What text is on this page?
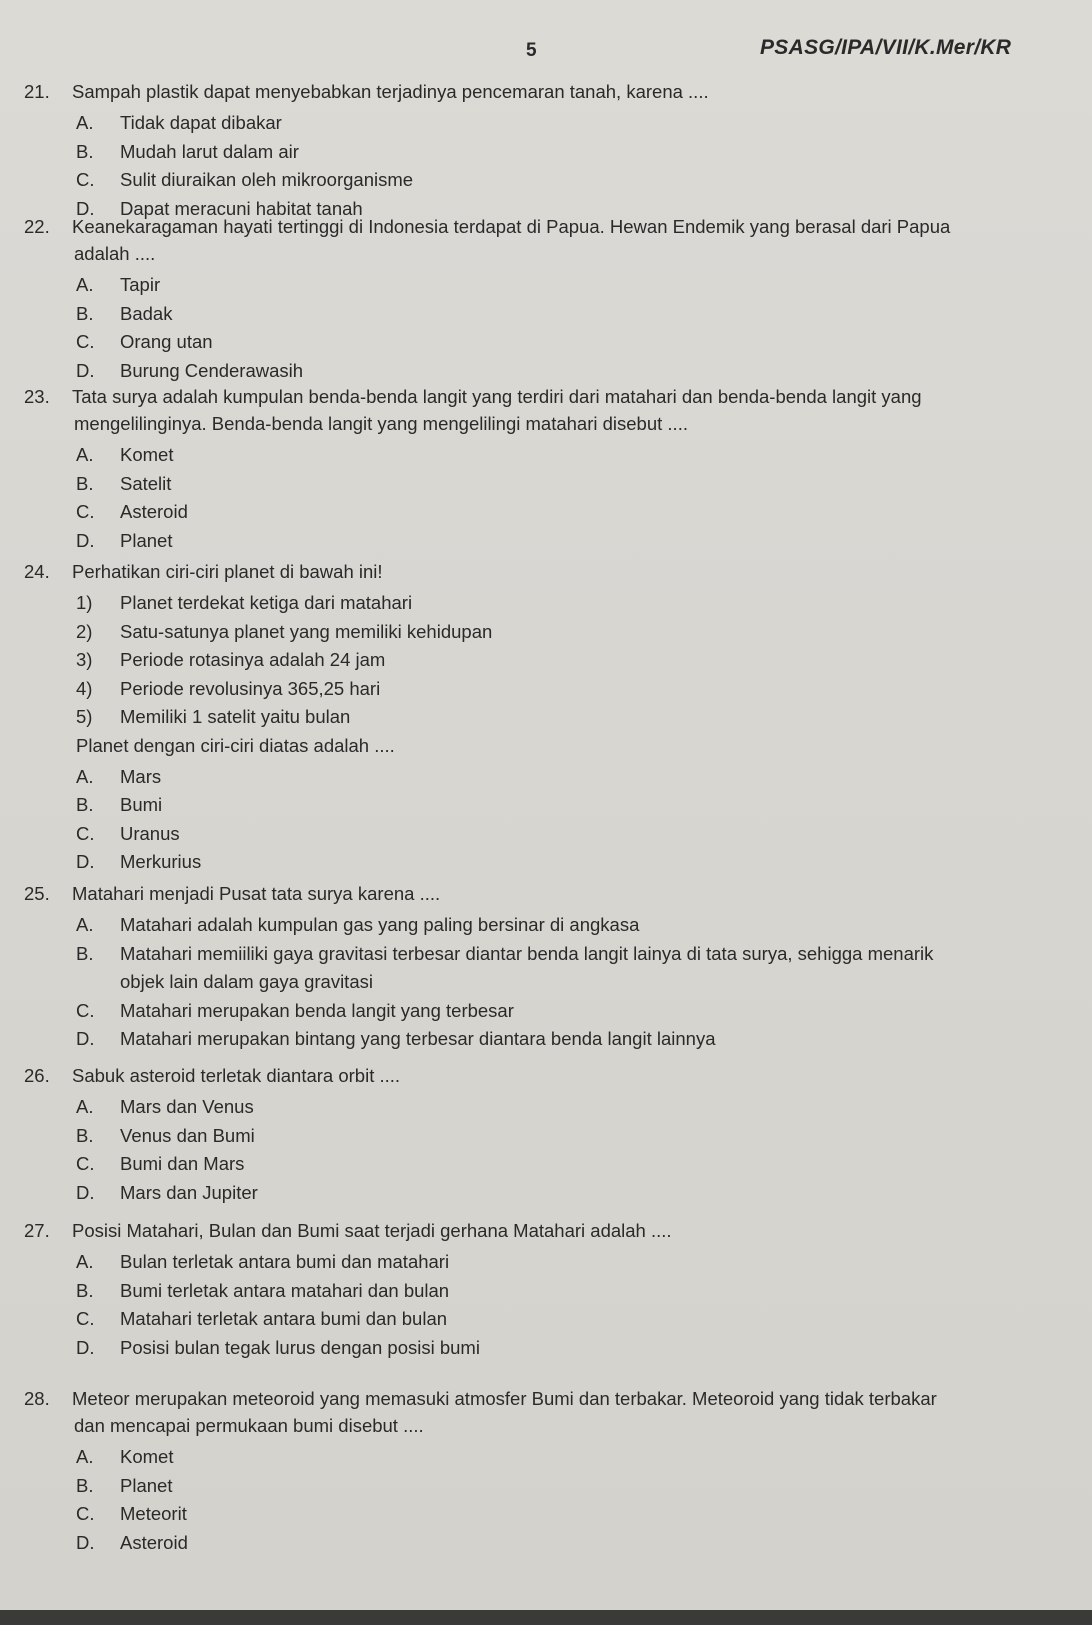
5	PSASG/IPA/VII/K.Mer/KR

21. Sampah plastik dapat menyebabkan terjadinya pencemaran tanah, karena ....

A.	Tidak dapat dibakar
B.	Mudah larut dalam air
C.	Sulit diuraikan oleh mikroorganisme
D.	Dapat meracuni habitat tanah

22. Keanekaragaman hayati tertinggi di Indonesia terdapat di Papua. Hewan Endemik yang berasal dari Papua

adalah ....

A.	Tapir
B.	Badak
C.	Orang utan
D.	Burung Cenderawasih

23. Tata surya adalah kumpulan benda-benda langit yang terdiri dari matahari dan benda-benda langit yang

mengelilinginya. Benda-benda langit yang mengelilingi matahari disebut ....

A.	Komet
B.	Satelit
C.	Asteroid
D.	Planet

24. Perhatikan ciri-ciri planet di bawah ini!

1)	Planet terdekat ketiga dari matahari
2)	Satu-satunya planet yang memiliki kehidupan
3)	Periode rotasinya adalah 24 jam
4)	Periode revolusinya 365,25 hari
5)	Memiliki 1 satelit yaitu bulan

Planet dengan ciri-ciri diatas adalah ....

A.	Mars
B.	Bumi
C.	Uranus
D.	Merkurius

25. Matahari menjadi Pusat tata surya karena ....

A.	Matahari adalah kumpulan gas yang paling bersinar di angkasa
B.	Matahari memiiliki gaya gravitasi terbesar diantar benda langit lainya di tata surya, sehigga menarik
objek lain dalam gaya gravitasi
C.	Matahari merupakan benda langit yang terbesar
D.	Matahari merupakan bintang yang terbesar diantara benda langit lainnya

26. Sabuk asteroid terletak diantara orbit ....

A.	Mars dan Venus
B.	Venus dan Bumi
C.	Bumi dan Mars
D.	Mars dan Jupiter

27. Posisi Matahari, Bulan dan Bumi saat terjadi gerhana Matahari adalah ....

A.	Bulan terletak antara bumi dan matahari
B.	Bumi terletak antara matahari dan bulan
C.	Matahari terletak antara bumi dan bulan
D.	Posisi bulan tegak lurus dengan posisi bumi

28. Meteor merupakan meteoroid yang memasuki atmosfer Bumi dan terbakar. Meteoroid yang tidak terbakar

dan mencapai permukaan bumi disebut ....

A.	Komet
B.	Planet
C.	Meteorit
D.	Asteroid
